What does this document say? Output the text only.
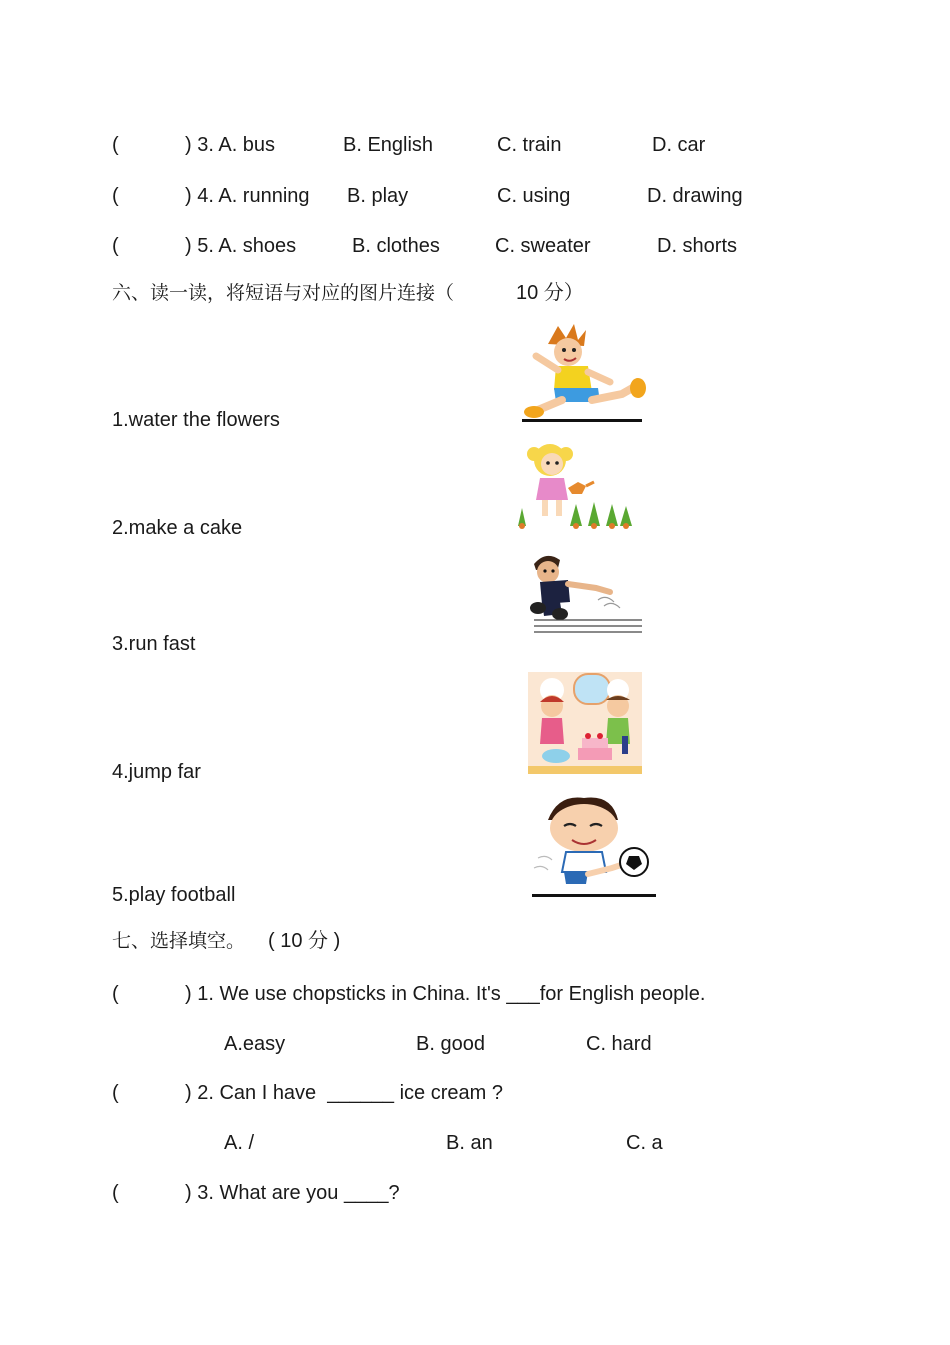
(	) 3. A. bus	B. English	C. train	D. car
(	) 4. A. running B. play	C. using	D. drawing
(	) 5. A. shoes	B. clothes	C. sweater	D. shorts
六、读一读，将短语与对应的图片连接（	10 分）
1.water the flowers
2.make a cake
3.run fast
4.jump far
5.play football
七、选择填空。 ( 10 分 )
(	) 1. We use chopsticks in China. It's ___for English people.
A.easy	B. good	C. hard
(	) 2. Can I have  ______ ice cream ?
A. /	B. an	C. a
(	) 3. What are you ____?
